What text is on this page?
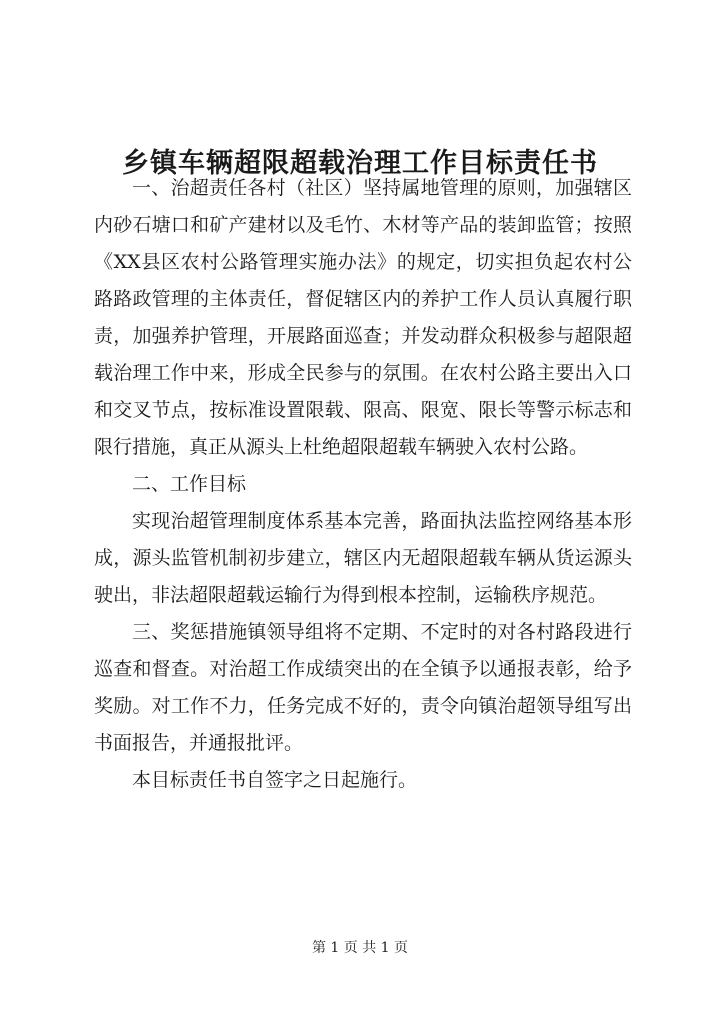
乡镇车辆超限超载治理工作目标责任书

一、治超责任各村（社区）坚持属地管理的原则，加强辖区内砂石塘口和矿产建材以及毛竹、木材等产品的装卸监管；按照《XX县区农村公路管理实施办法》的规定，切实担负起农村公路路政管理的主体责任，督促辖区内的养护工作人员认真履行职责，加强养护管理，开展路面巡查；并发动群众积极参与超限超载治理工作中来，形成全民参与的氛围。在农村公路主要出入口和交叉节点，按标准设置限载、限高、限宽、限长等警示标志和限行措施，真正从源头上杜绝超限超载车辆驶入农村公路。

二、工作目标

实现治超管理制度体系基本完善，路面执法监控网络基本形成，源头监管机制初步建立，辖区内无超限超载车辆从货运源头驶出，非法超限超载运输行为得到根本控制，运输秩序规范。

三、奖惩措施镇领导组将不定期、不定时的对各村路段进行巡查和督查。对治超工作成绩突出的在全镇予以通报表彰，给予奖励。对工作不力，任务完成不好的，责令向镇治超领导组写出书面报告，并通报批评。

本目标责任书自签字之日起施行。

第 1 页 共 1 页
